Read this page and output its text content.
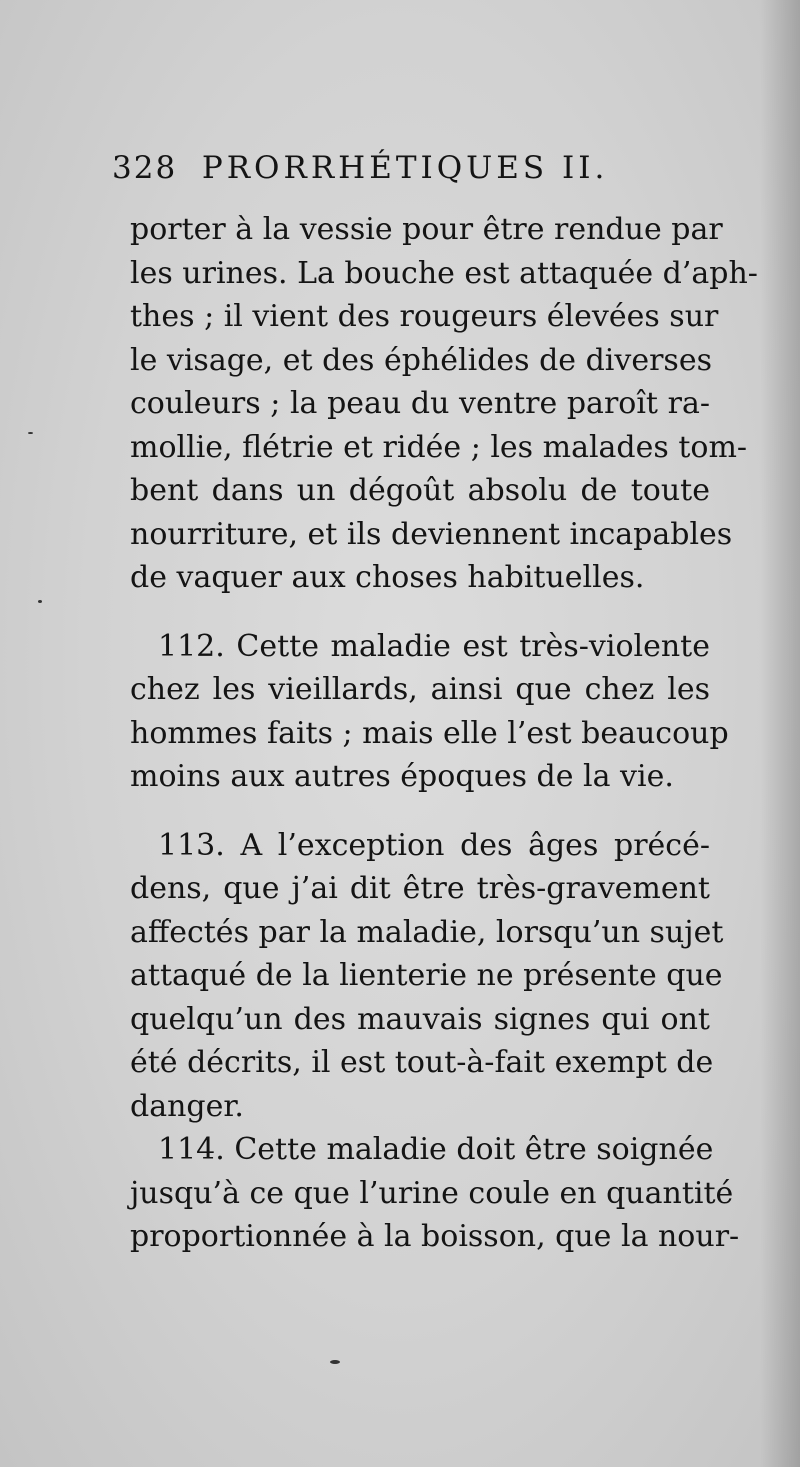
328 PRORRHÉTIQUES II.
porter à la vessie pour être rendue par
les urines. La bouche est attaquée d’aph-
thes ; il vient des rougeurs élevées sur
le visage, et des éphélides de diverses
couleurs ; la peau du ventre paroît ra-
mollie, flétrie et ridée ; les malades tom-
bent dans un dégoût absolu de toute
nourriture, et ils deviennent incapables
de vaquer aux choses habituelles.
112. Cette maladie est très-violente
chez les vieillards, ainsi que chez les
hommes faits ; mais elle l’est beaucoup
moins aux autres époques de la vie.
113. A l’exception des âges précé-
dens, que j’ai dit être très-gravement
affectés par la maladie, lorsqu’un sujet
attaqué de la lienterie ne présente que
quelqu’un des mauvais signes qui ont
été décrits, il est tout-à-fait exempt de
danger.
114. Cette maladie doit être soignée
jusqu’à ce que l’urine coule en quantité
proportionnée à la boisson, que la nour-
